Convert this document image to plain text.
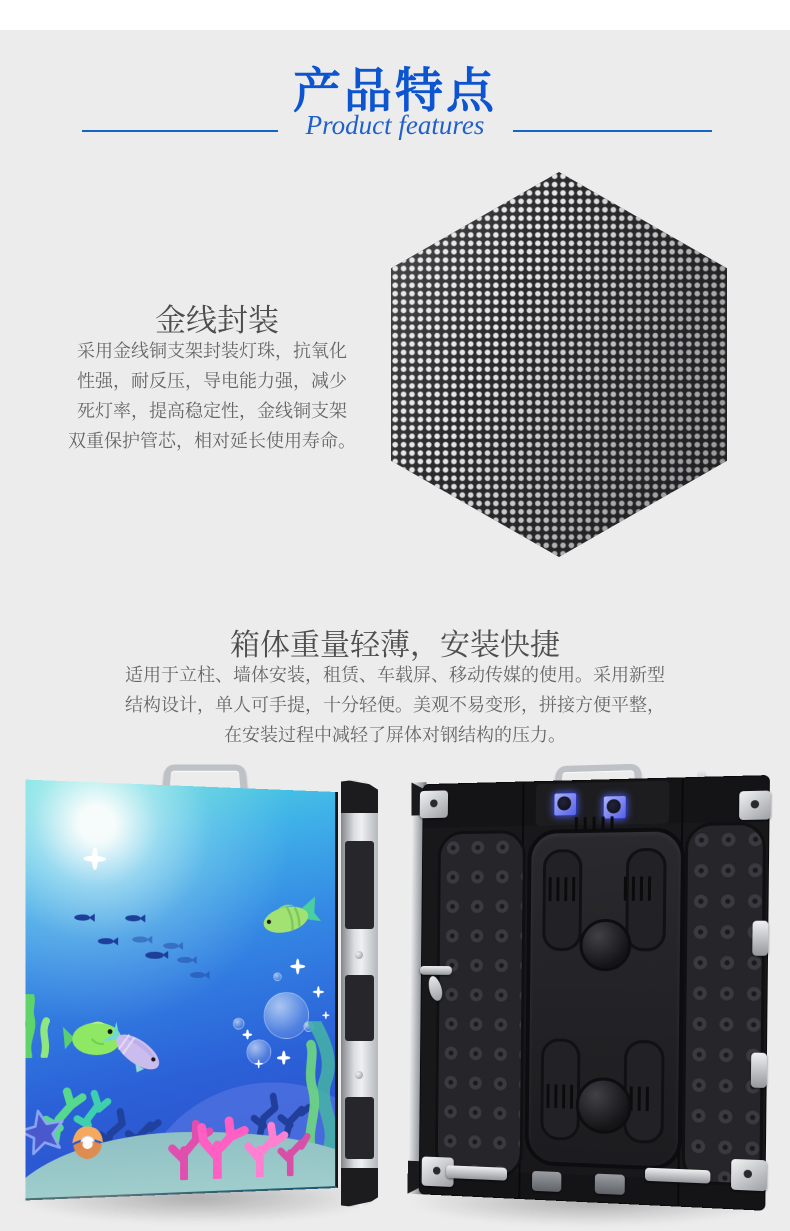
产品特点
Product features
金线封装
采用金线铜支架封装灯珠，抗氧化
性强，耐反压，导电能力强，减少
死灯率，提高稳定性，金线铜支架
双重保护管芯，相对延长使用寿命。
箱体重量轻薄，安装快捷
适用于立柱、墙体安装，租赁、车载屏、移动传媒的使用。采用新型
结构设计，单人可手提，十分轻便。美观不易变形，拼接方便平整，
在安装过程中减轻了屏体对钢结构的压力。
